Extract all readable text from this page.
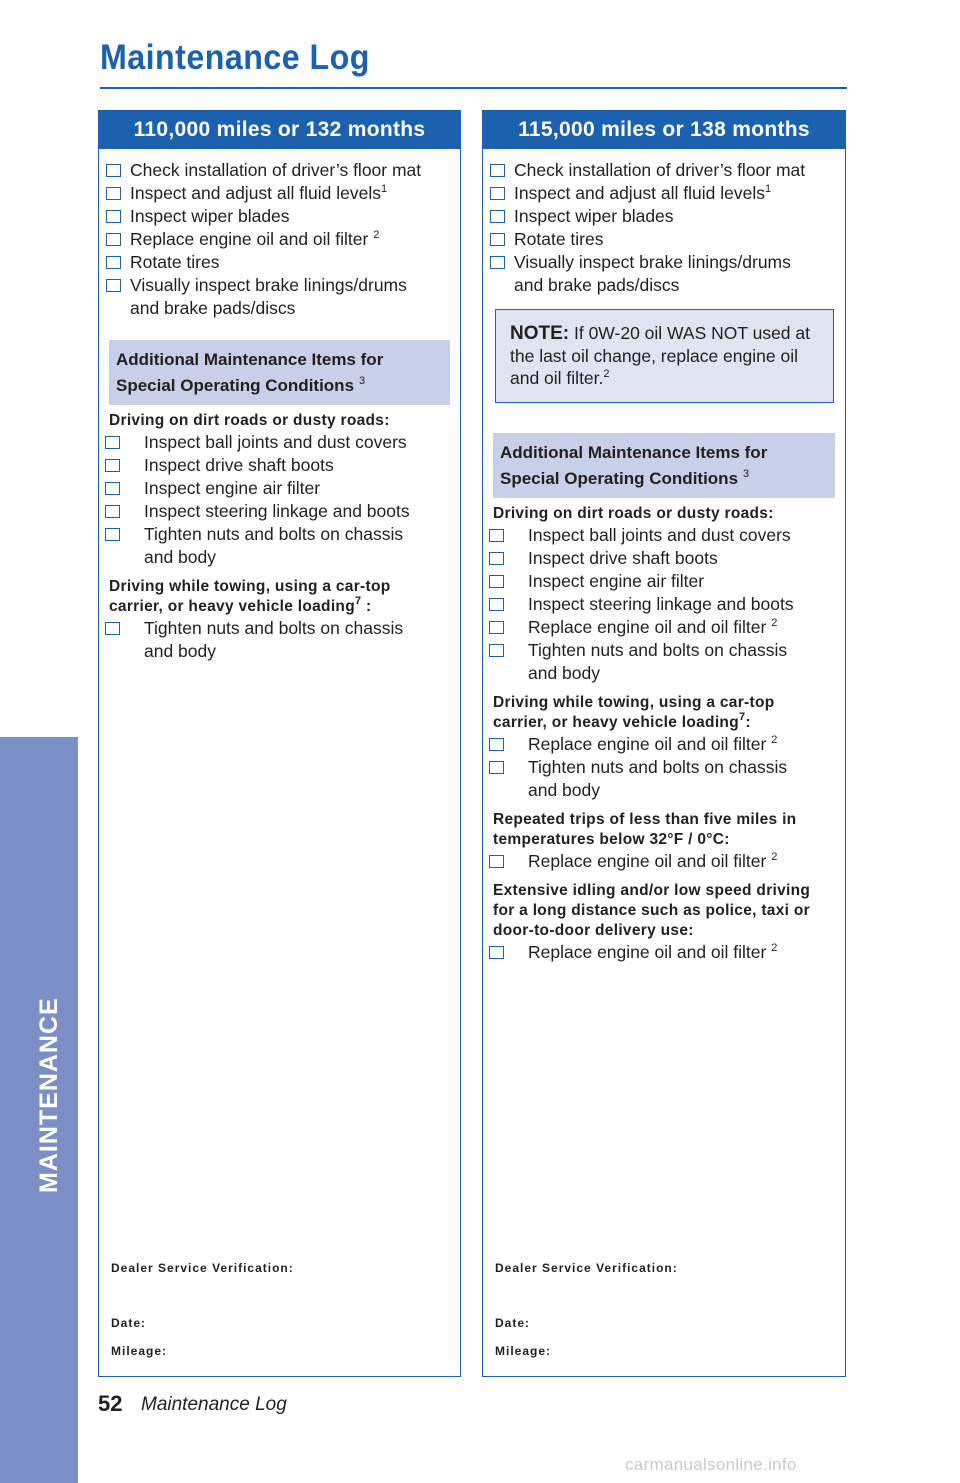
MAINTENANCE
Maintenance Log
110,000 miles or 132 months
Check installation of driver’s floor mat
Inspect and adjust all fluid levels$^1$
Inspect wiper blades
Replace engine oil and oil filter $^2$
Rotate tires
Visually inspect brake linings/drums and brake pads/discs
Additional Maintenance Items for Special Operating Conditions $^3$
Driving on dirt roads or dusty roads:
Inspect ball joints and dust covers
Inspect drive shaft boots
Inspect engine air filter
Inspect steering linkage and boots
Tighten nuts and bolts on chassis and body
Driving while towing, using a car-top carrier, or heavy vehicle loading$^7$ :
Tighten nuts and bolts on chassis and body
Dealer Service Verification:
Date:
Mileage:
115,000 miles or 138 months
Check installation of driver’s floor mat
Inspect and adjust all fluid levels$^1$
Inspect wiper blades
Rotate tires
Visually inspect brake linings/drums and brake pads/discs
NOTE: If 0W-20 oil WAS NOT used at the last oil change, replace engine oil and oil filter.$^2$
Additional Maintenance Items for Special Operating Conditions $^3$
Driving on dirt roads or dusty roads:
Inspect ball joints and dust covers
Inspect drive shaft boots
Inspect engine air filter
Inspect steering linkage and boots
Replace engine oil and oil filter $^2$
Tighten nuts and bolts on chassis and body
Driving while towing, using a car-top carrier, or heavy vehicle loading$^7$:
Replace engine oil and oil filter $^2$
Tighten nuts and bolts on chassis and body
Repeated trips of less than five miles in temperatures below 32°F / 0°C:
Replace engine oil and oil filter $^2$
Extensive idling and/or low speed driving for a long distance such as police, taxi or door-to-door delivery use:
Replace engine oil and oil filter $^2$
Dealer Service Verification:
Date:
Mileage:
52 Maintenance Log
carmanualsonline.info
